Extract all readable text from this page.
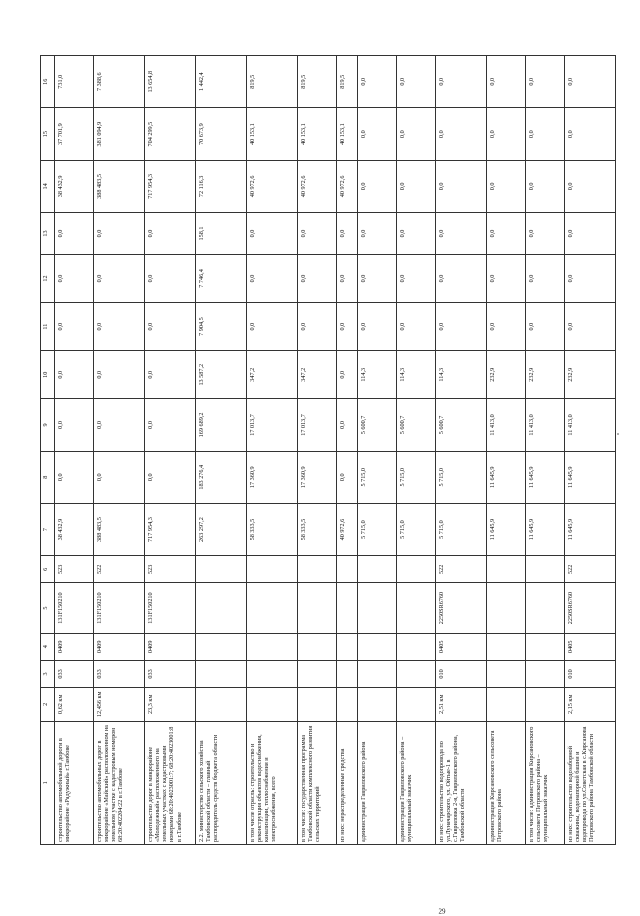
29
1	2	3	4	5	6	7	8	9	10	11	12	13	14	15	16
строительство автомобильной дороги в микрорайоне «Радужный» г.Тамбове	0,62 км	033	0409	131F150210	523	38 432,9	0,0	0,0	0,0	0,0	0,0	0,0	38 432,9	37 701,9	731,0
строительство автомобильных дорог в микрорайоне «Майский» расположенном на земельном участке с кадастровым номером 68:20:402204:22 в г.Тамбове	12,456 км	033	0409	131F150210	522	388 483,5	0,0	0,0	0,0	0,0	0,0	0,0	388 483,5	381 094,9	7 388,6
строительство дорог в микрорайоне «Молодежный» расположенного на земельных участках с кадастровыми номерами 68:20:4023001:7; 68:20:4023001:8 в г.Тамбове	23,3 км	033	0409	131F150210	523	717 954,3	0,0	0,0	0,0	0,0	0,0	0,0	717 954,3	704 299,5	13 654,8
2.2. министерство сельского хозяйства Тамбовской области – главный распорядитель средств бюджета области						263 297,2	183 276,4	169 689,2	13 587,2	7 904,5	7 746,4	158,1	72 116,3	70 673,9	1 442,4
в том числе отрасль: строительство и реконструкция объектов водоснабжения, канализации, теплоснабжения и электроснабжения, всего						58 333,5	17 360,9	17 013,7	347,2	0,0	0,0	0,0	40 972,6	40 153,1	819,5
в том числе: государственная программа Тамбовской области комплексного развития сельских территорий						58 333,5	17 360,9	17 013,7	347,2	0,0	0,0	0,0	40 972,6	40 153,1	819,5
из них: нераспределенные средства						40 972,6	0,0	0,0	0,0	0,0	0,0	0,0	40 972,6	40 153,1	819,5
администрация Гавриловского района						5 715,0	5 715,0	5 600,7	114,3	0,0	0,0	0,0	0,0	0,0	0,0
администрация Гавриловского района – муниципальный заказчик						5 715,0	5 715,0	5 600,7	114,3	0,0	0,0	0,0	0,0	0,0	0,0
из них: строительство водопровода по ул.Луначарского, ул. Ойтые-1 в с.Гавриловка 2-я, Гавриловского района, Тамбовской области	2,51 км	010	0405	2250SR6760	522	5 715,0	5 715,0	5 600,7	114,3	0,0	0,0	0,0	0,0	0,0	0,0
администрация Кирсановского сельсовета Петровского района						11 645,9	11 645,9	11 413,0	232,9	0,0	0,0	0,0	0,0	0,0	0,0
в том числе: администрация Кирсановского сельсовета Петровского района – муниципальный заказчик						11 645,9	11 645,9	11 413,0	232,9	0,0	0,0	0,0	0,0	0,0	0,0
из них: строительство водозаборной скважины, водонапорной башни и водопровода по ул.Советская в с.Кирсанова Петровского района Тамбовской области	2,15 км	010	0405	2250SR6760	522	11 645,9	11 645,9	11 413,0	232,9	0,0	0,0	0,0	0,0	0,0	0,0
